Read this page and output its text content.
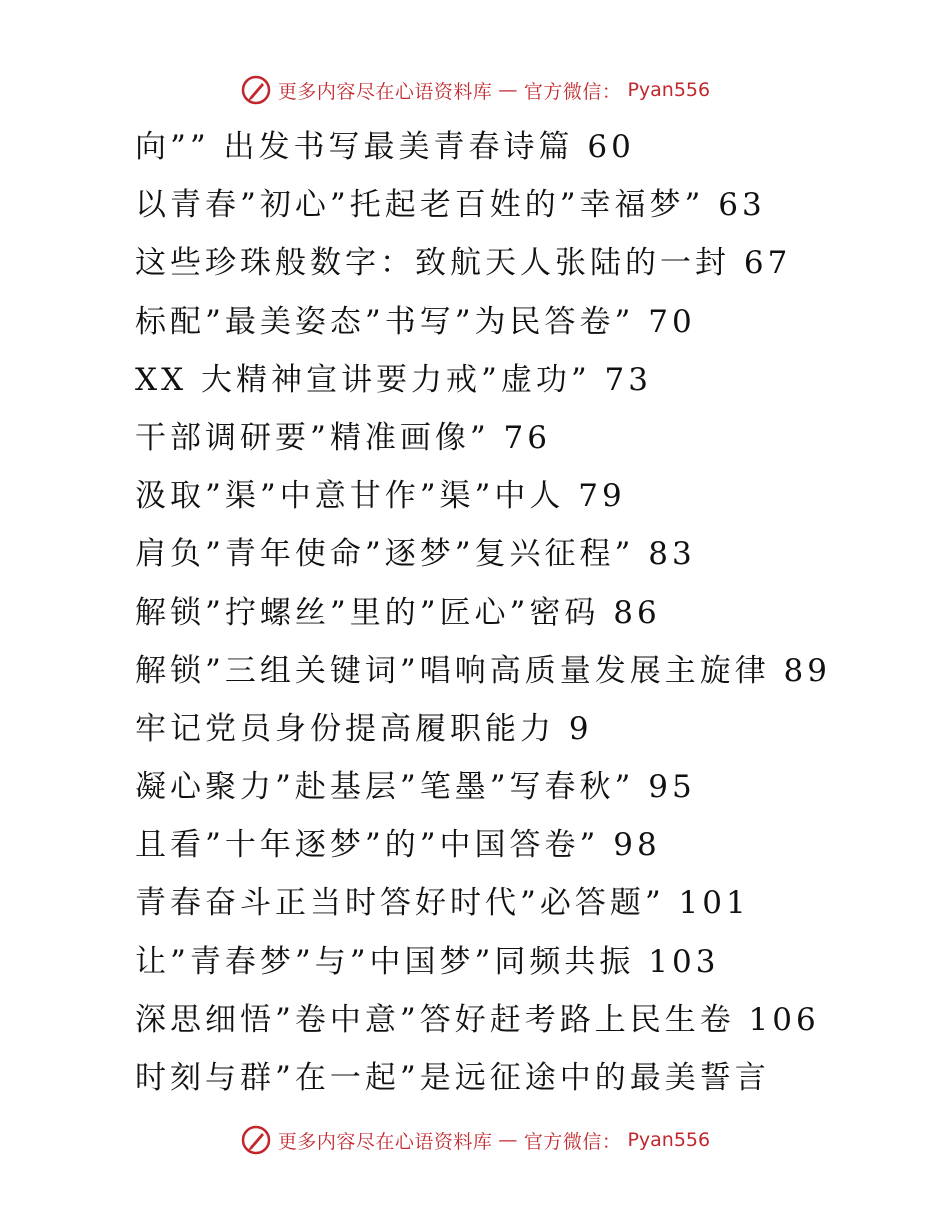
更多内容尽在心语资料库 — 官方微信： Pyan556
向”” 出发书写最美青春诗篇 60
以青春”初心”托起老百姓的”幸福梦” 63
这些珍珠般数字：致航天人张陆的一封 67
标配”最美姿态”书写”为民答卷” 70
XX 大精神宣讲要力戒”虚功” 73
干部调研要”精准画像” 76
汲取”渠”中意甘作”渠”中人 79
肩负”青年使命”逐梦”复兴征程” 83
解锁”拧螺丝”里的”匠心”密码 86
解锁”三组关键词”唱响高质量发展主旋律 89
牢记党员身份提高履职能力 9
凝心聚力”赴基层”笔墨”写春秋” 95
且看”十年逐梦”的”中国答卷” 98
青春奋斗正当时答好时代”必答题” 101
让”青春梦”与”中国梦”同频共振 103
深思细悟”卷中意”答好赶考路上民生卷 106
时刻与群”在一起”是远征途中的最美誓言
更多内容尽在心语资料库 — 官方微信： Pyan556
